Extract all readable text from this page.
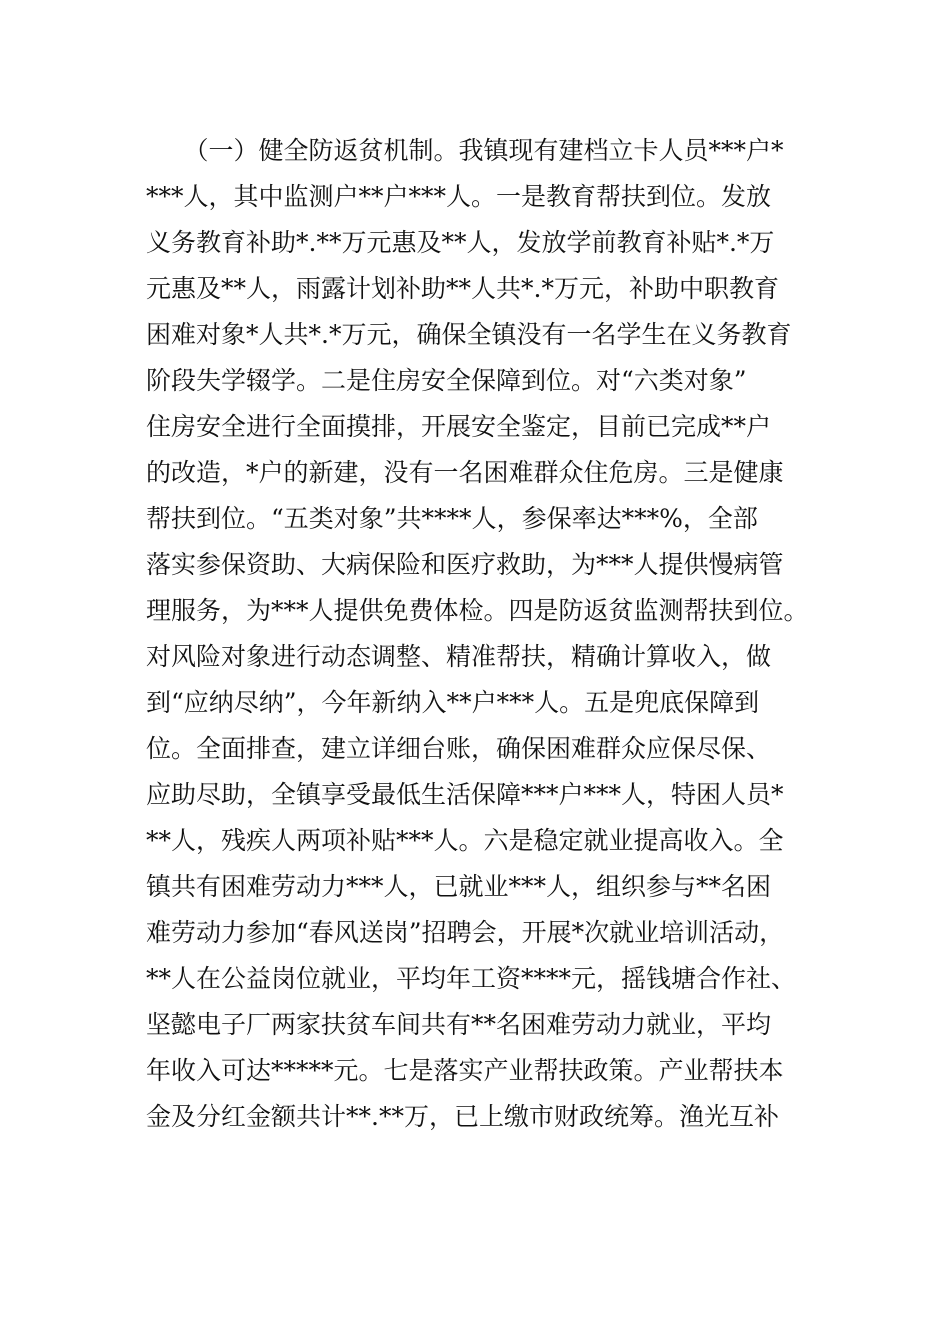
　　（一）健全防返贫机制。我镇现有建档立卡人员***户*
***人，其中监测户**户***人。一是教育帮扶到位。发放
义务教育补助*.**万元惠及**人，发放学前教育补贴*.*万
元惠及**人，雨露计划补助**人共*.*万元，补助中职教育
困难对象*人共*.*万元，确保全镇没有一名学生在义务教育
阶段失学辍学。二是住房安全保障到位。对“六类对象”
住房安全进行全面摸排，开展安全鉴定，目前已完成**户
的改造，*户的新建，没有一名困难群众住危房。三是健康
帮扶到位。“五类对象”共****人，参保率达***%，全部
落实参保资助、大病保险和医疗救助，为***人提供慢病管
理服务，为***人提供免费体检。四是防返贫监测帮扶到位。
对风险对象进行动态调整、精准帮扶，精确计算收入，做
到“应纳尽纳”，今年新纳入**户***人。五是兜底保障到
位。全面排查，建立详细台账，确保困难群众应保尽保、
应助尽助，全镇享受最低生活保障***户***人，特困人员*
**人，残疾人两项补贴***人。六是稳定就业提高收入。全
镇共有困难劳动力***人，已就业***人，组织参与**名困
难劳动力参加“春风送岗”招聘会，开展*次就业培训活动，
**人在公益岗位就业，平均年工资****元，摇钱塘合作社、
坚懿电子厂两家扶贫车间共有**名困难劳动力就业，平均
年收入可达*****元。七是落实产业帮扶政策。产业帮扶本
金及分红金额共计**.**万，已上缴市财政统筹。渔光互补
